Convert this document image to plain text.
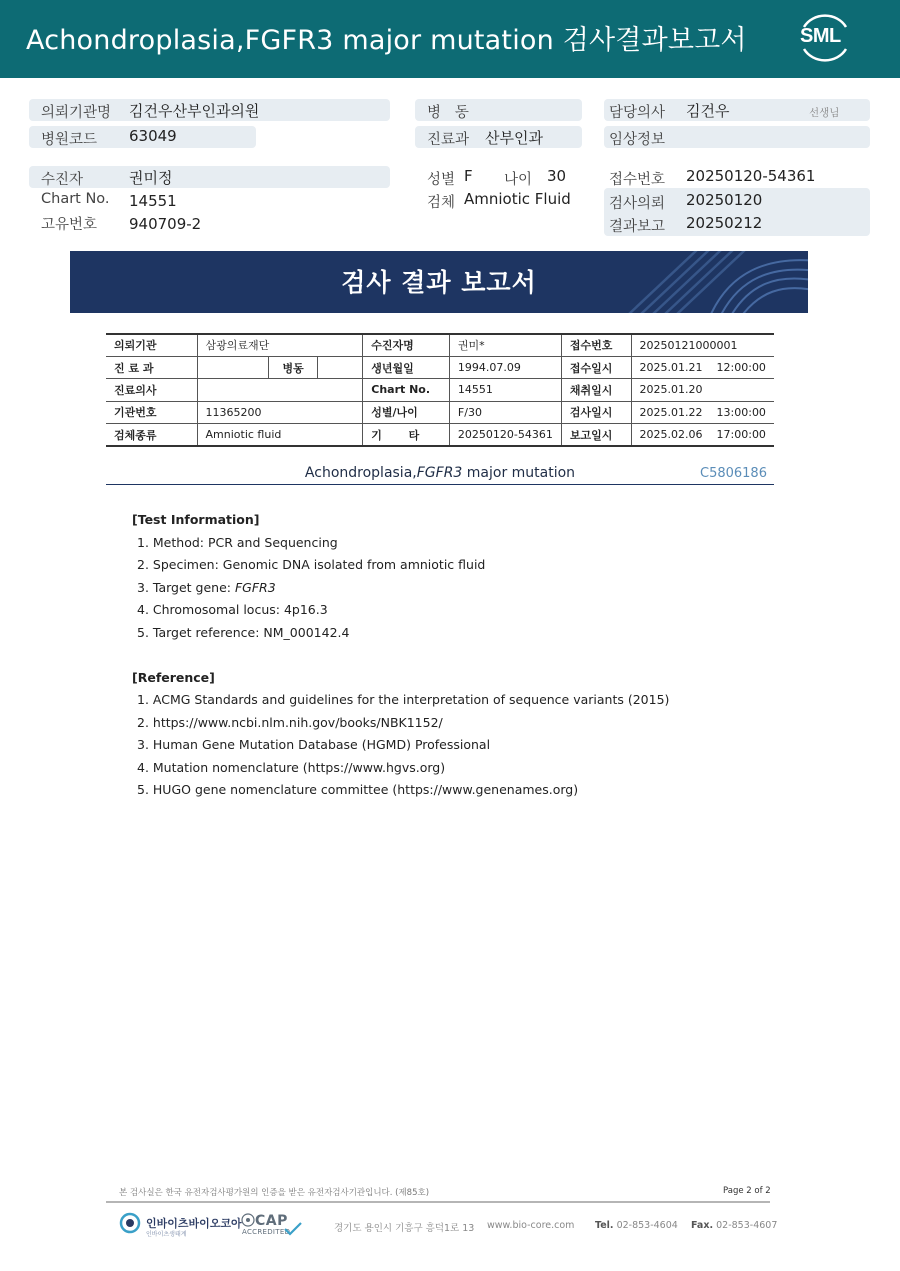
Achondroplasia,FGFR3 major mutation 검사결과보고서	SML
의뢰기관명 김건우산부인과의원
병원코드 63049
병   동
진료과 산부인과
담당의사 김건우	선생님
임상정보
수진자	권미정
Chart No. 14551
고유번호 940709-2
성별 F 나이 30
검체 Amniotic Fluid
접수번호 20250120-54361
검사의뢰 20250120
결과보고 20250212
검사 결과 보고서
의뢰기관	삼광의료재단			수진자명	권미*	접수번호	20250121000001
진 료 과		병동		생년월일	1994.07.09	접수일시	2025.01.21 12:00:00
진료의사				Chart No.	14551	채취일시	2025.01.20
기관번호	11365200			성별/나이	F/30	검사일시	2025.01.22 13:00:00
검체종류	Amniotic fluid			기       타	20250120-54361	보고일시	2025.02.06 17:00:00
Achondroplasia,FGFR3 major mutation	C5806186
[Test Information]
1. Method: PCR and Sequencing
2. Specimen: Genomic DNA isolated from amniotic fluid
3. Target gene: FGFR3
4. Chromosomal locus: 4p16.3
5. Target reference: NM_000142.4
[Reference]
1. ACMG Standards and guidelines for the interpretation of sequence variants (2015)
2. https://www.ncbi.nlm.nih.gov/books/NBK1152/
3. Human Gene Mutation Database (HGMD) Professional
4. Mutation nomenclature (https://www.hgvs.org)
5. HUGO gene nomenclature committee (https://www.genenames.org)
본 검사실은 한국 유전자검사평가원의 인증을 받은 유전자검사기관입니다. (제85호)	Page 2 of 2
인바이츠바이오코아
인바이츠생태계
CAP
ACCREDITED	경기도 용인시 기흥구 흥덕1로 13 www.bio-core.com Tel. 02-853-4604 Fax. 02-853-4607
